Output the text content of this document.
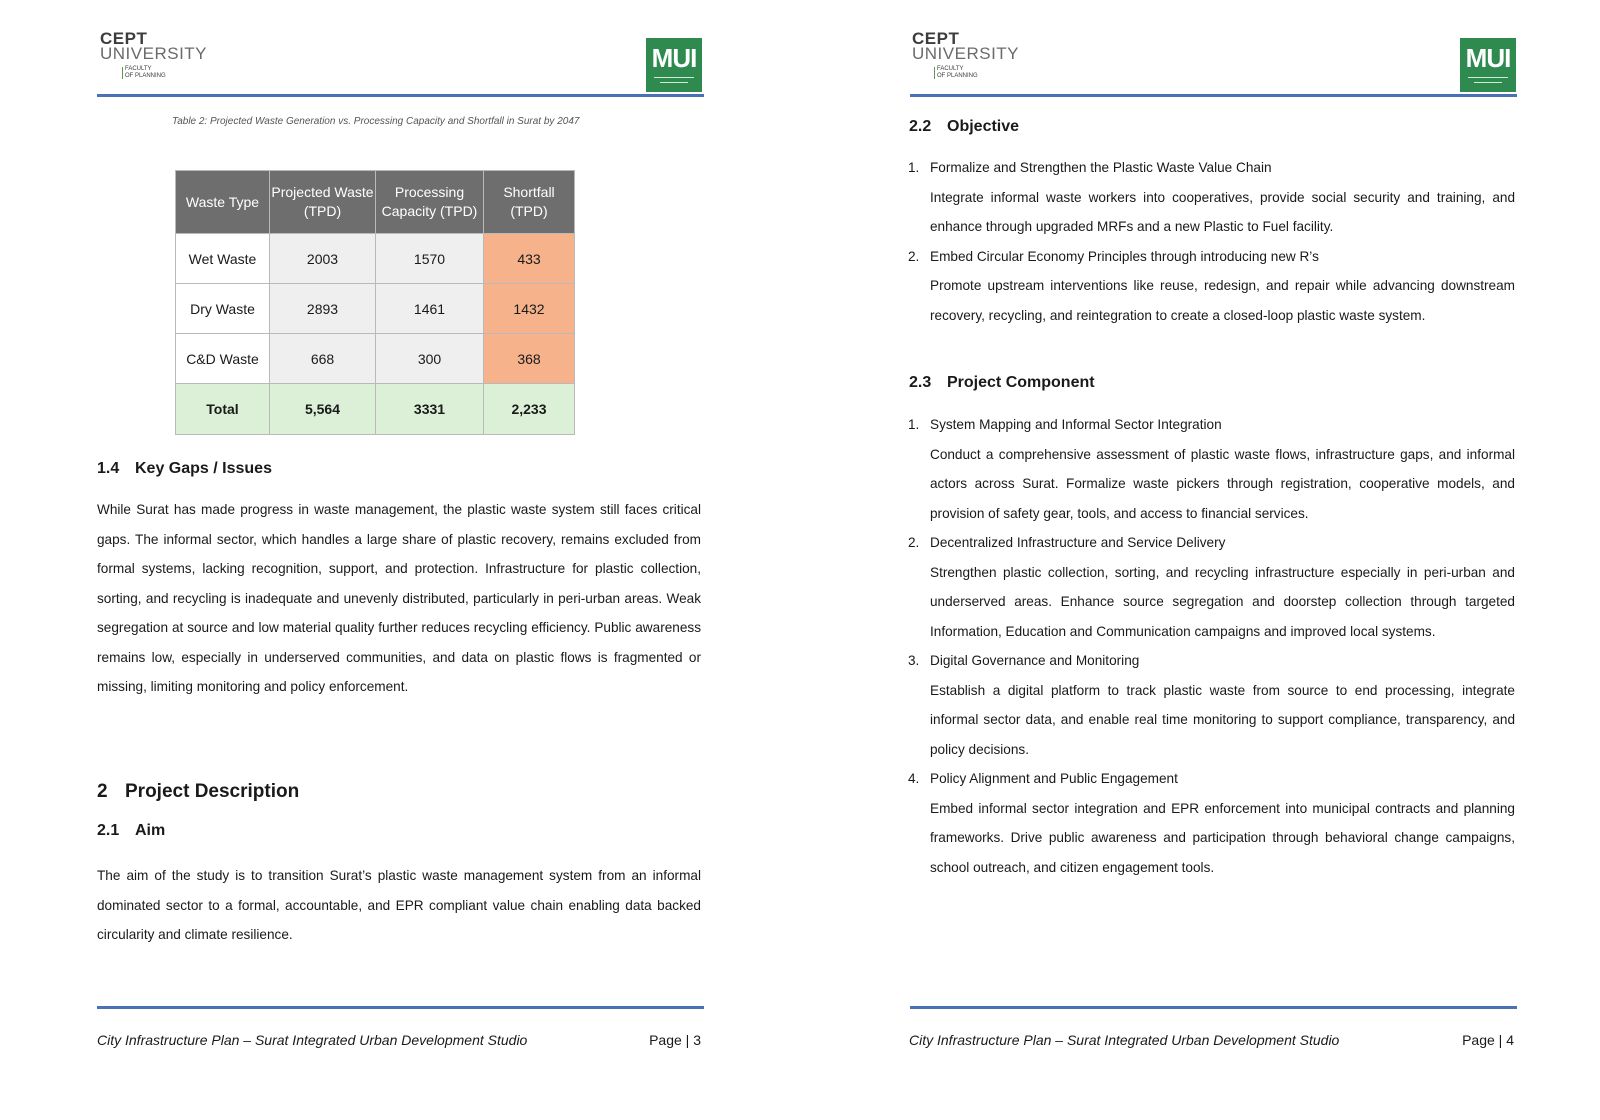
CEPT
UNIVERSITY
FACULTY
OF PLANNING
MUI
Table 2: Projected Waste Generation vs. Processing Capacity and Shortfall in Surat by 2047
Waste Type	Projected Waste (TPD)	Processing Capacity (TPD)	Shortfall (TPD)
Wet Waste	2003	1570	433
Dry Waste	2893	1461	1432
C&D Waste	668	300	368
Total	5,564	3331	2,233
1.4 Key Gaps / Issues
While Surat has made progress in waste management, the plastic waste system still faces critical gaps. The informal sector, which handles a large share of plastic recovery, remains excluded from formal systems, lacking recognition, support, and protection. Infrastructure for plastic collection, sorting, and recycling is inadequate and unevenly distributed, particularly in peri-urban areas. Weak segregation at source and low material quality further reduces recycling efficiency. Public awareness remains low, especially in underserved communities, and data on plastic flows is fragmented or missing, limiting monitoring and policy enforcement.
2 Project Description
2.1 Aim
The aim of the study is to transition Surat’s plastic waste management system from an informal dominated sector to a formal, accountable, and EPR compliant value chain enabling data backed circularity and climate resilience.
City Infrastructure Plan – Surat Integrated Urban Development Studio	Page | 3
CEPT
UNIVERSITY
FACULTY
OF PLANNING
MUI
2.2 Objective
City Infrastructure Plan – Surat Integrated Urban Development Studio	Page | 4
1. Formalize and Strengthen the Plastic Waste Value Chain
Integrate informal waste workers into cooperatives, provide social security and training, and enhance through upgraded MRFs and a new Plastic to Fuel facility.
2. Embed Circular Economy Principles through introducing new R’s
Promote upstream interventions like reuse, redesign, and repair while advancing downstream recovery, recycling, and reintegration to create a closed-loop plastic waste system.
2.3 Project Component
1. System Mapping and Informal Sector Integration
Conduct a comprehensive assessment of plastic waste flows, infrastructure gaps, and informal actors across Surat. Formalize waste pickers through registration, cooperative models, and provision of safety gear, tools, and access to financial services.
2. Decentralized Infrastructure and Service Delivery
Strengthen plastic collection, sorting, and recycling infrastructure especially in peri-urban and underserved areas. Enhance source segregation and doorstep collection through targeted Information, Education and Communication campaigns and improved local systems.
3. Digital Governance and Monitoring
Establish a digital platform to track plastic waste from source to end processing, integrate informal sector data, and enable real time monitoring to support compliance, transparency, and policy decisions.
4. Policy Alignment and Public Engagement
Embed informal sector integration and EPR enforcement into municipal contracts and planning frameworks. Drive public awareness and participation through behavioral change campaigns, school outreach, and citizen engagement tools.
